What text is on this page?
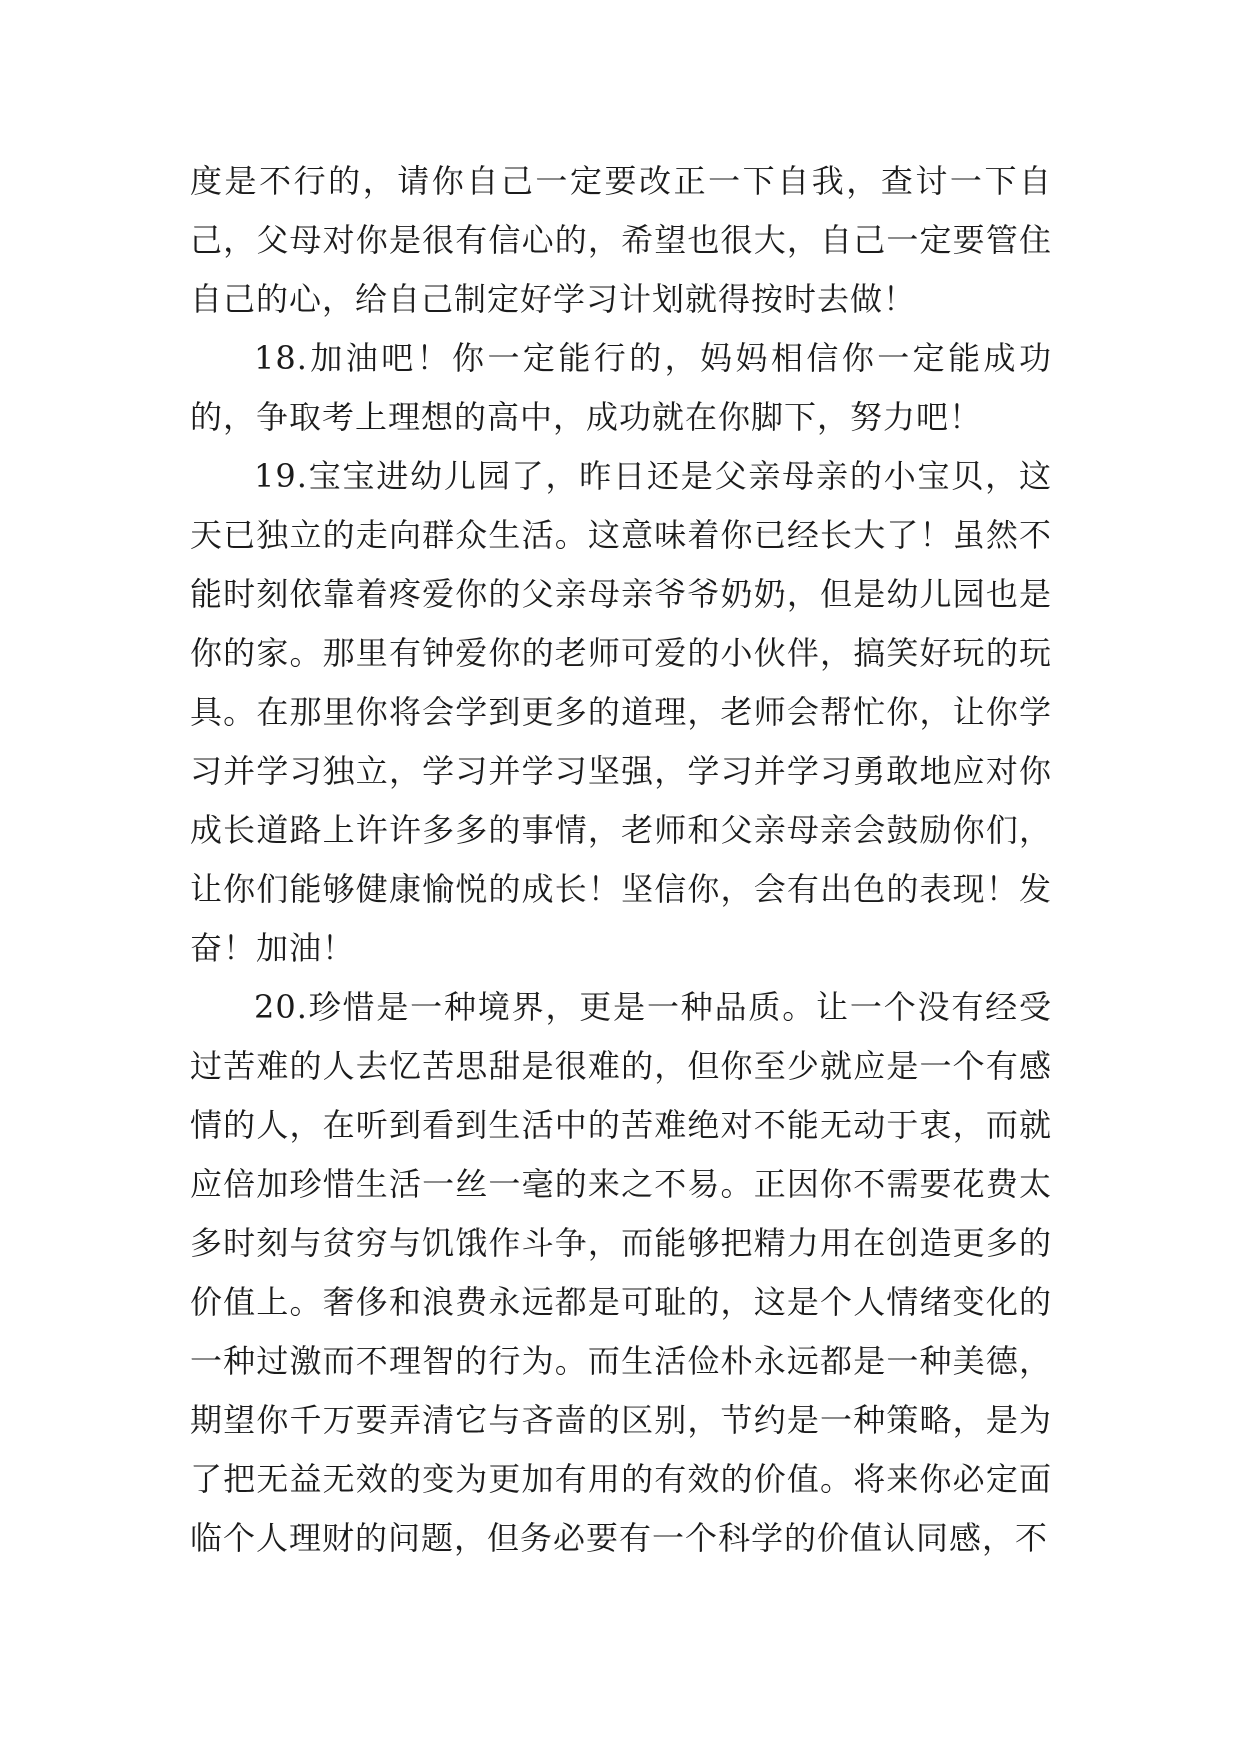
度是不行的，请你自己一定要改正一下自我，查讨一下自己，父母对你是很有信心的，希望也很大，自己一定要管住自己的心，给自己制定好学习计划就得按时去做！

18.加油吧！你一定能行的，妈妈相信你一定能成功的，争取考上理想的高中，成功就在你脚下，努力吧！

19.宝宝进幼儿园了，昨日还是父亲母亲的小宝贝，这天已独立的走向群众生活。这意味着你已经长大了！虽然不能时刻依靠着疼爱你的父亲母亲爷爷奶奶，但是幼儿园也是你的家。那里有钟爱你的老师可爱的小伙伴，搞笑好玩的玩具。在那里你将会学到更多的道理，老师会帮忙你，让你学习并学习独立，学习并学习坚强，学习并学习勇敢地应对你成长道路上许许多多的事情，老师和父亲母亲会鼓励你们，让你们能够健康愉悦的成长！坚信你，会有出色的表现！发奋！加油！

20.珍惜是一种境界，更是一种品质。让一个没有经受过苦难的人去忆苦思甜是很难的，但你至少就应是一个有感情的人，在听到看到生活中的苦难绝对不能无动于衷，而就应倍加珍惜生活一丝一毫的来之不易。正因你不需要花费太多时刻与贫穷与饥饿作斗争，而能够把精力用在创造更多的价值上。奢侈和浪费永远都是可耻的，这是个人情绪变化的一种过激而不理智的行为。而生活俭朴永远都是一种美德，期望你千万要弄清它与吝啬的区别，节约是一种策略，是为了把无益无效的变为更加有用的有效的价值。将来你必定面临个人理财的问题，但务必要有一个科学的价值认同感，不
